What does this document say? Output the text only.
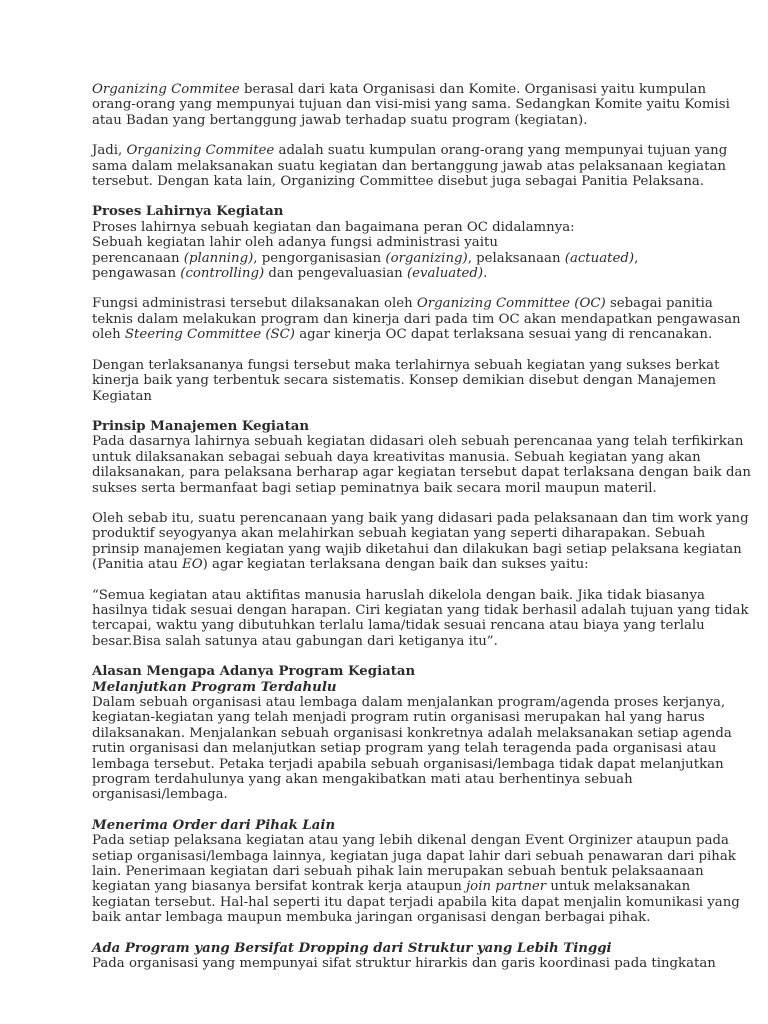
Organizing Commitee berasal dari kata Organisasi dan Komite. Organisasi yaitu kumpulan
orang-orang yang mempunyai tujuan dan visi-misi yang sama. Sedangkan Komite yaitu Komisi
atau Badan yang bertanggung jawab terhadap suatu program (kegiatan).
Jadi, Organizing Commitee adalah suatu kumpulan orang-orang yang mempunyai tujuan yang
sama dalam melaksanakan suatu kegiatan dan bertanggung jawab atas pelaksanaan kegiatan
tersebut. Dengan kata lain, Organizing Committee disebut juga sebagai Panitia Pelaksana.
Proses Lahirnya Kegiatan
Proses lahirnya sebuah kegiatan dan bagaimana peran OC didalamnya:
Sebuah kegiatan lahir oleh adanya fungsi administrasi yaitu
perencanaan (planning), pengorganisasian (organizing), pelaksanaan (actuated),
pengawasan (controlling) dan pengevaluasian (evaluated).
Fungsi administrasi tersebut dilaksanakan oleh Organizing Committee (OC) sebagai panitia
teknis dalam melakukan program dan kinerja dari pada tim OC akan mendapatkan pengawasan
oleh Steering Committee (SC) agar kinerja OC dapat terlaksana sesuai yang di rencanakan.
Dengan terlaksananya fungsi tersebut maka terlahirnya sebuah kegiatan yang sukses berkat
kinerja baik yang terbentuk secara sistematis. Konsep demikian disebut dengan Manajemen
Kegiatan
Prinsip Manajemen Kegiatan
Pada dasarnya lahirnya sebuah kegiatan didasari oleh sebuah perencanaa yang telah terfikirkan
untuk dilaksanakan sebagai sebuah daya kreativitas manusia. Sebuah kegiatan yang akan
dilaksanakan, para pelaksana berharap agar kegiatan tersebut dapat terlaksana dengan baik dan
sukses serta bermanfaat bagi setiap peminatnya baik secara moril maupun materil.
Oleh sebab itu, suatu perencanaan yang baik yang didasari pada pelaksanaan dan tim work yang
produktif seyogyanya akan melahirkan sebuah kegiatan yang seperti diharapakan. Sebuah
prinsip manajemen kegiatan yang wajib diketahui dan dilakukan bagi setiap pelaksana kegiatan
(Panitia atau EO) agar kegiatan terlaksana dengan baik dan sukses yaitu:
“Semua kegiatan atau aktifitas manusia haruslah dikelola dengan baik. Jika tidak biasanya
hasilnya tidak sesuai dengan harapan. Ciri kegiatan yang tidak berhasil adalah tujuan yang tidak
tercapai, waktu yang dibutuhkan terlalu lama/tidak sesuai rencana atau biaya yang terlalu
besar.Bisa salah satunya atau gabungan dari ketiganya itu”.
Alasan Mengapa Adanya Program Kegiatan
Melanjutkan Program Terdahulu
Dalam sebuah organisasi atau lembaga dalam menjalankan program/agenda proses kerjanya,
kegiatan-kegiatan yang telah menjadi program rutin organisasi merupakan hal yang harus
dilaksanakan. Menjalankan sebuah organisasi konkretnya adalah melaksanakan setiap agenda
rutin organisasi dan melanjutkan setiap program yang telah teragenda pada organisasi atau
lembaga tersebut. Petaka terjadi apabila sebuah organisasi/lembaga tidak dapat melanjutkan
program terdahulunya yang akan mengakibatkan mati atau berhentinya sebuah
organisasi/lembaga.
Menerima Order dari Pihak Lain
Pada setiap pelaksana kegiatan atau yang lebih dikenal dengan Event Orginizer ataupun pada
setiap organisasi/lembaga lainnya, kegiatan juga dapat lahir dari sebuah penawaran dari pihak
lain. Penerimaan kegiatan dari sebuah pihak lain merupakan sebuah bentuk pelaksaanaan
kegiatan yang biasanya bersifat kontrak kerja ataupun join partner untuk melaksanakan
kegiatan tersebut. Hal-hal seperti itu dapat terjadi apabila kita dapat menjalin komunikasi yang
baik antar lembaga maupun membuka jaringan organisasi dengan berbagai pihak.
Ada Program yang Bersifat Dropping dari Struktur yang Lebih Tinggi
Pada organisasi yang mempunyai sifat struktur hirarkis dan garis koordinasi pada tingkatan
